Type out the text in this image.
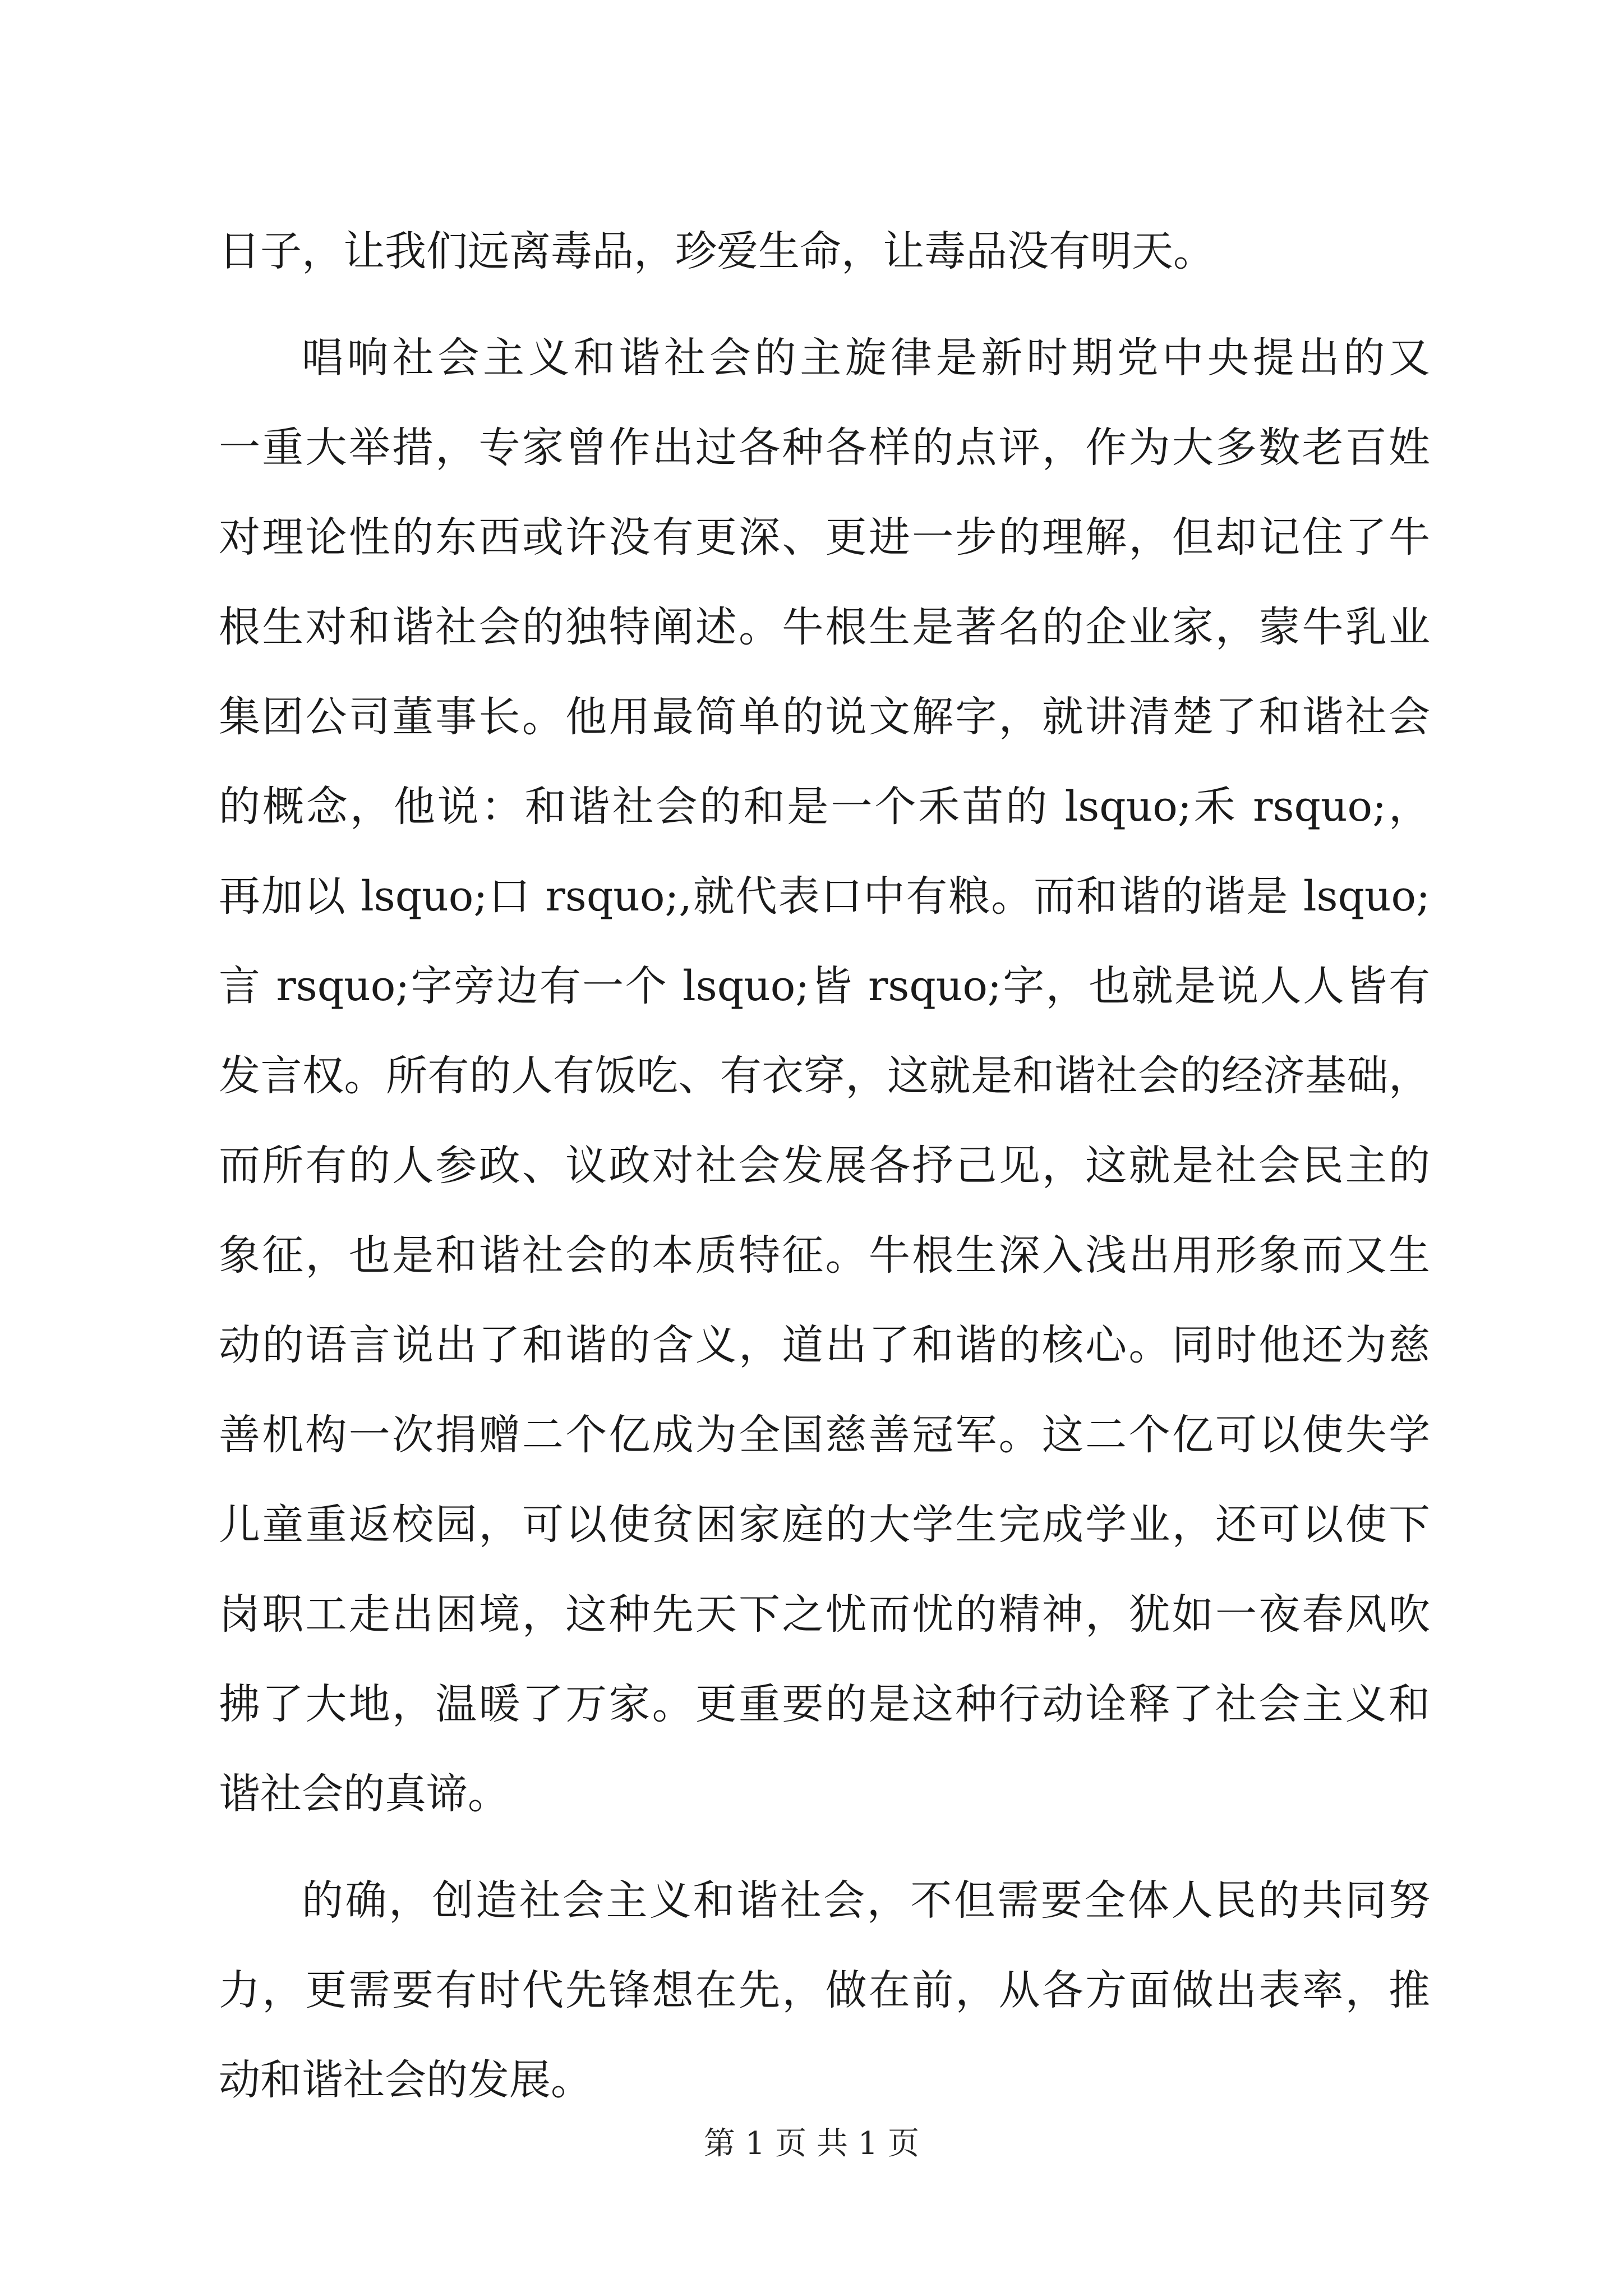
日子，让我们远离毒品，珍爱生命，让毒品没有明天。
唱响社会主义和谐社会的主旋律是新时期党中央提出的又
一重大举措，专家曾作出过各种各样的点评，作为大多数老百姓
对理论性的东西或许没有更深、更进一步的理解，但却记住了牛
根生对和谐社会的独特阐述。牛根生是著名的企业家，蒙牛乳业
集团公司董事长。他用最简单的说文解字，就讲清楚了和谐社会
的概念，他说：和谐社会的和是一个禾苗的 lsquo;禾 rsquo;，
再加以 lsquo;口 rsquo;,就代表口中有粮。而和谐的谐是 lsquo;
言 rsquo;字旁边有一个 lsquo;皆 rsquo;字，也就是说人人皆有
发言权。所有的人有饭吃、有衣穿，这就是和谐社会的经济基础，
而所有的人参政、议政对社会发展各抒己见，这就是社会民主的
象征，也是和谐社会的本质特征。牛根生深入浅出用形象而又生
动的语言说出了和谐的含义，道出了和谐的核心。同时他还为慈
善机构一次捐赠二个亿成为全国慈善冠军。这二个亿可以使失学
儿童重返校园，可以使贫困家庭的大学生完成学业，还可以使下
岗职工走出困境，这种先天下之忧而忧的精神，犹如一夜春风吹
拂了大地，温暖了万家。更重要的是这种行动诠释了社会主义和
谐社会的真谛。
的确，创造社会主义和谐社会，不但需要全体人民的共同努
力，更需要有时代先锋想在先，做在前，从各方面做出表率，推
动和谐社会的发展。
第 1 页 共 1 页
